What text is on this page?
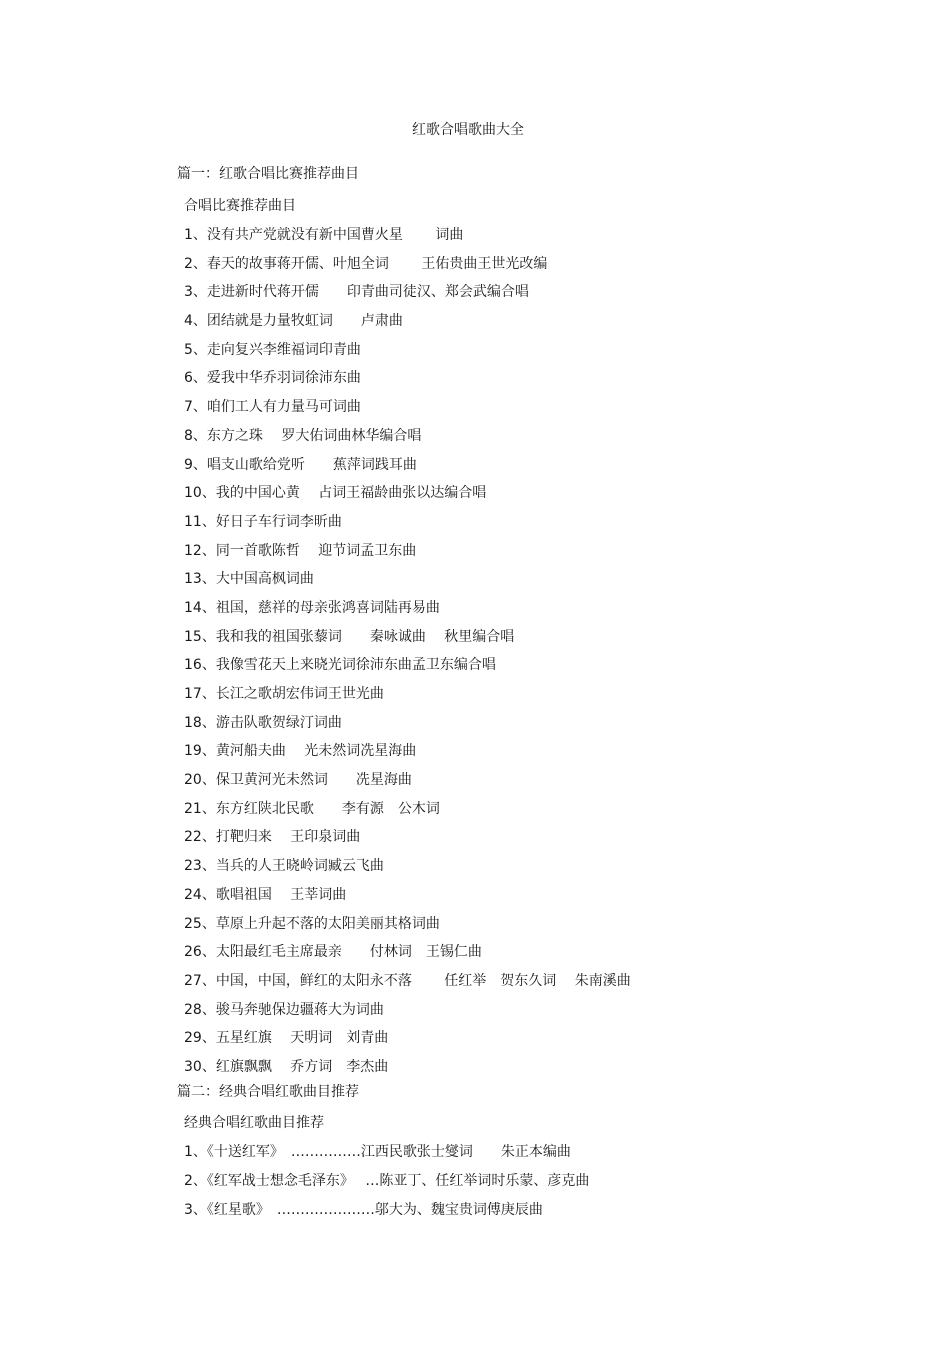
红歌合唱歌曲大全
篇一：红歌合唱比赛推荐曲目
合唱比赛推荐曲目
1、没有共产党就没有新中国曹火星　　 词曲
2、春天的故事蒋开儒、叶旭全词　　 王佑贵曲王世光改编
3、走进新时代蒋开儒　　印青曲司徒汉、郑会武编合唱
4、团结就是力量牧虹词　　卢肃曲
5、走向复兴李维福词印青曲
6、爱我中华乔羽词徐沛东曲
7、咱们工人有力量马可词曲
8、东方之珠　 罗大佑词曲林华编合唱
9、唱支山歌给党听　　蕉萍词践耳曲
10、我的中国心黄　 占词王福龄曲张以达编合唱
11、好日子车行词李昕曲
12、同一首歌陈哲　 迎节词孟卫东曲
13、大中国高枫词曲
14、祖国，慈祥的母亲张鸿喜词陆再易曲
15、我和我的祖国张藜词　　秦咏诚曲　 秋里编合唱
16、我像雪花天上来晓光词徐沛东曲孟卫东编合唱
17、长江之歌胡宏伟词王世光曲
18、游击队歌贺绿汀词曲
19、黄河船夫曲　 光未然词冼星海曲
20、保卫黄河光未然词　　冼星海曲
21、东方红陕北民歌　　李有源　公木词
22、打靶归来　 王印泉词曲
23、当兵的人王晓岭词臧云飞曲
24、歌唱祖国　 王莘词曲
25、草原上升起不落的太阳美丽其格词曲
26、太阳最红毛主席最亲　　付林词　王锡仁曲
27、中国，中国，鲜红的太阳永不落　　 任红举　贺东久词　 朱南溪曲
28、骏马奔驰保边疆蒋大为词曲
29、五星红旗　 天明词　刘青曲
30、红旗飘飘　 乔方词　李杰曲
篇二：经典合唱红歌曲目推荐
经典合唱红歌曲目推荐
1、《十送红军》　……………江西民歌张士燮词　　朱正本编曲
2、《红军战士想念毛泽东》　 …陈亚丁、任红举词时乐蒙、彦克曲
3、《红星歌》　…………………邬大为、魏宝贵词傅庚辰曲
